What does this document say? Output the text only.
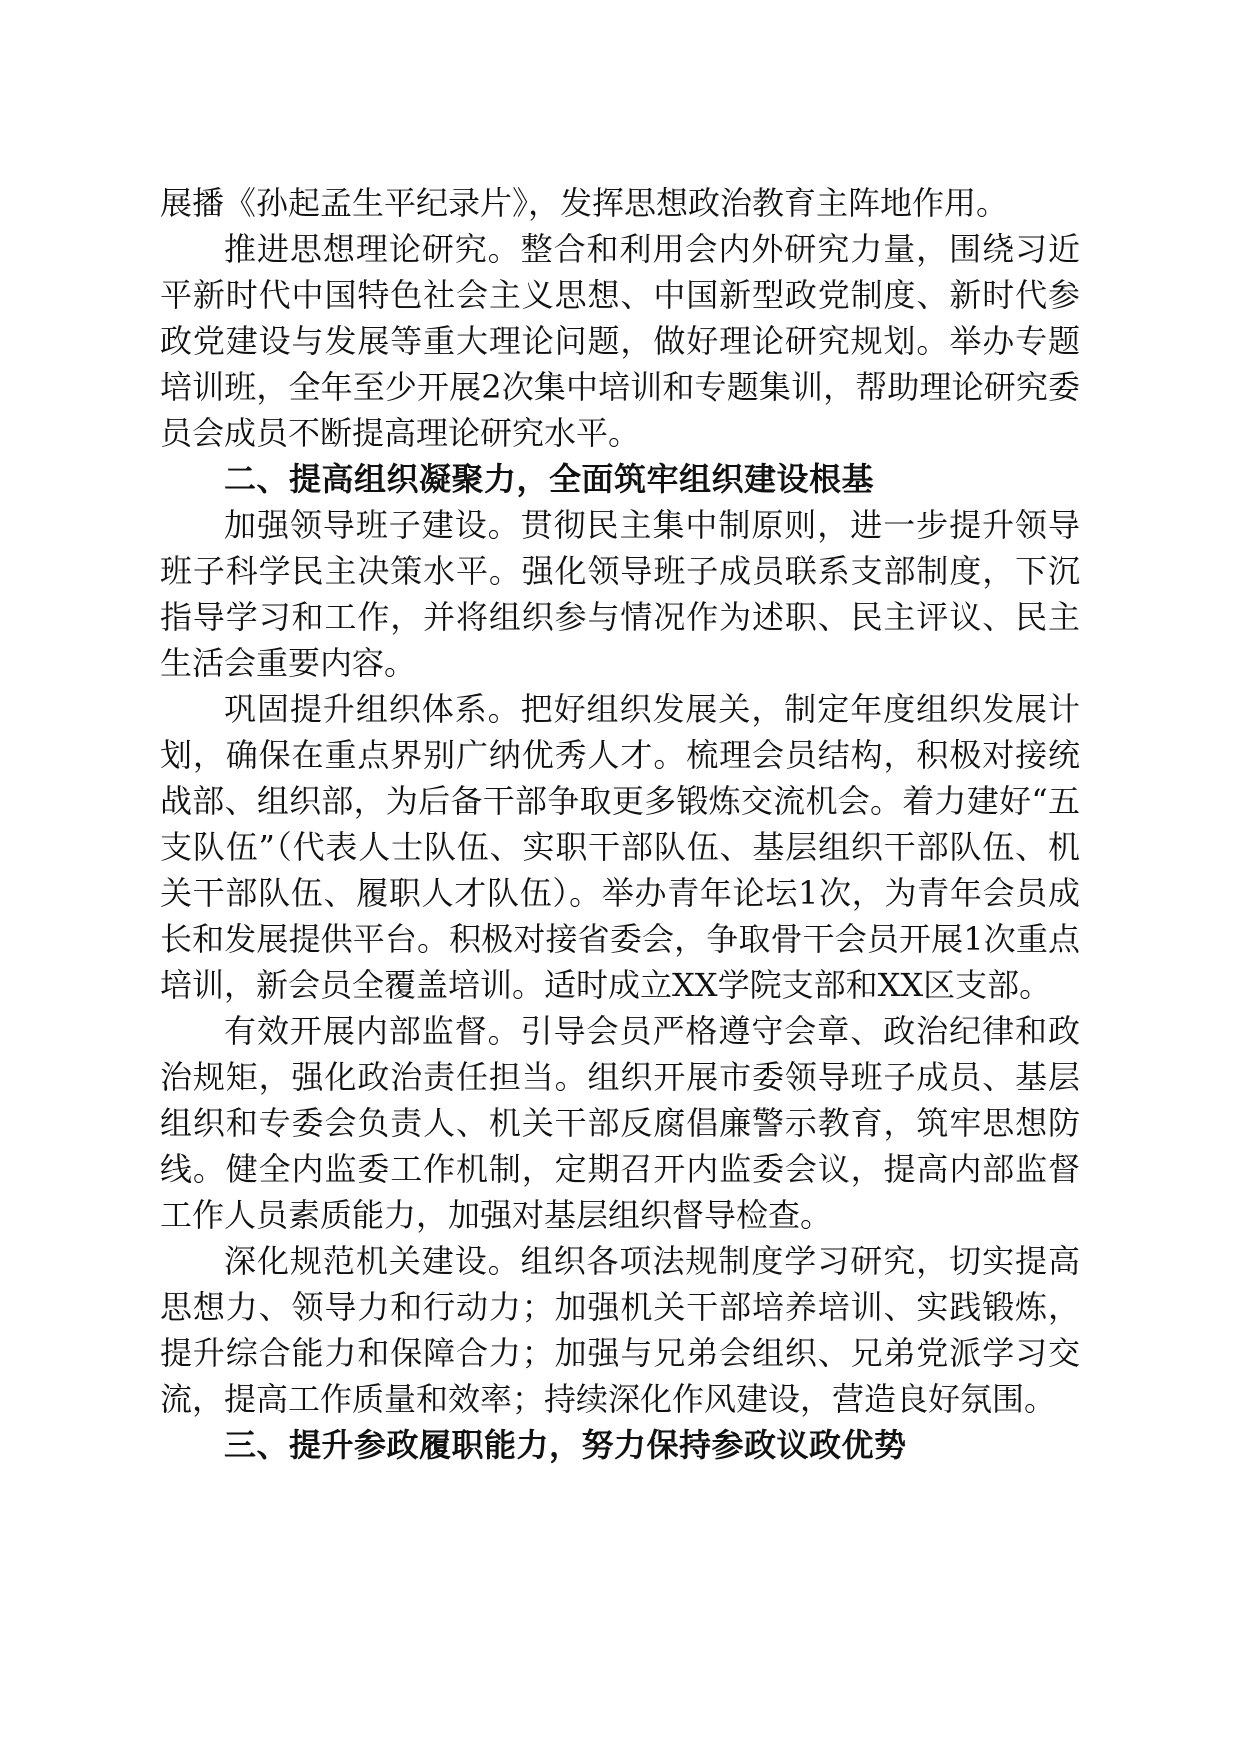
展播《孙起孟生平纪录片》，发挥思想政治教育主阵地作用。

推进思想理论研究。整合和利用会内外研究力量，围绕习近平新时代中国特色社会主义思想、中国新型政党制度、新时代参政党建设与发展等重大理论问题，做好理论研究规划。举办专题培训班，全年至少开展2次集中培训和专题集训，帮助理论研究委员会成员不断提高理论研究水平。

二、提高组织凝聚力，全面筑牢组织建设根基

加强领导班子建设。贯彻民主集中制原则，进一步提升领导班子科学民主决策水平。强化领导班子成员联系支部制度，下沉指导学习和工作，并将组织参与情况作为述职、民主评议、民主生活会重要内容。

巩固提升组织体系。把好组织发展关，制定年度组织发展计划，确保在重点界别广纳优秀人才。梳理会员结构，积极对接统战部、组织部，为后备干部争取更多锻炼交流机会。着力建好“五支队伍”（代表人士队伍、实职干部队伍、基层组织干部队伍、机关干部队伍、履职人才队伍）。举办青年论坛1次，为青年会员成长和发展提供平台。积极对接省委会，争取骨干会员开展1次重点培训，新会员全覆盖培训。适时成立XX学院支部和XX区支部。

有效开展内部监督。引导会员严格遵守会章、政治纪律和政治规矩，强化政治责任担当。组织开展市委领导班子成员、基层组织和专委会负责人、机关干部反腐倡廉警示教育，筑牢思想防线。健全内监委工作机制，定期召开内监委会议，提高内部监督工作人员素质能力，加强对基层组织督导检查。

深化规范机关建设。组织各项法规制度学习研究，切实提高思想力、领导力和行动力；加强机关干部培养培训、实践锻炼，提升综合能力和保障合力；加强与兄弟会组织、兄弟党派学习交流，提高工作质量和效率；持续深化作风建设，营造良好氛围。

三、提升参政履职能力，努力保持参政议政优势
